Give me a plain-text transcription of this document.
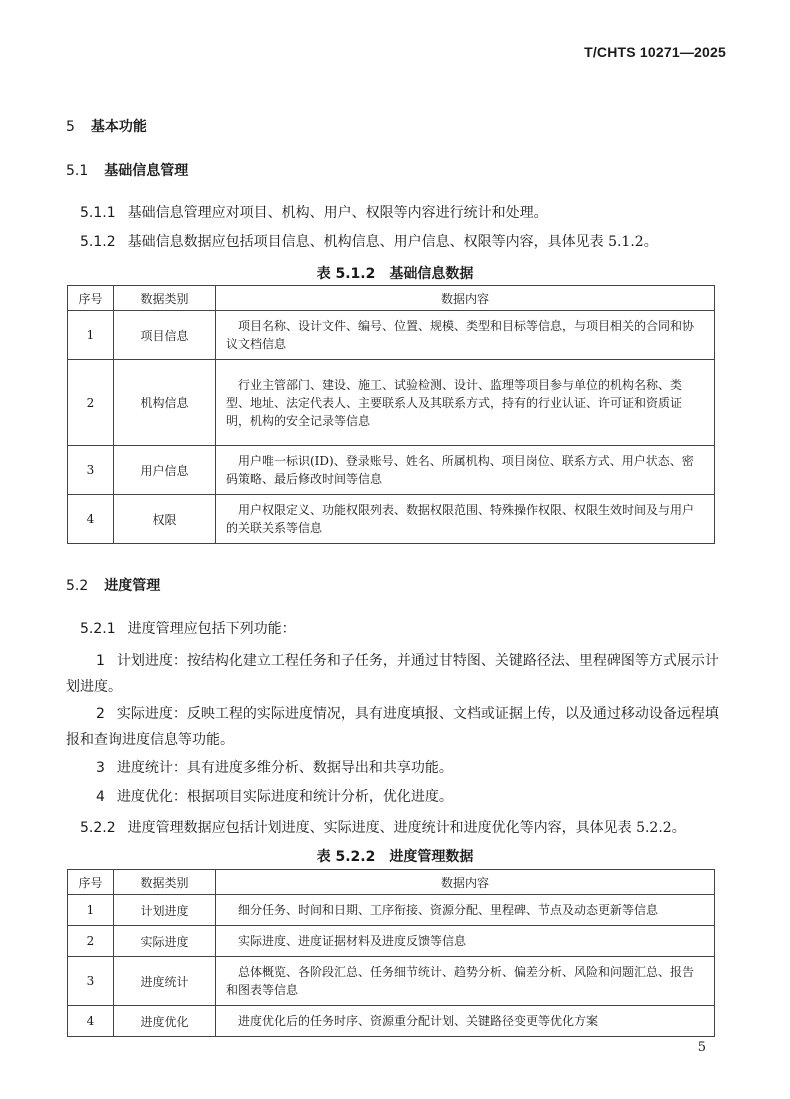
T/CHTS 10271—2025
5 基本功能
5.1 基础信息管理
5.1.1 基础信息管理应对项目、机构、用户、权限等内容进行统计和处理。
5.1.2 基础信息数据应包括项目信息、机构信息、用户信息、权限等内容，具体见表 5.1.2。
表 5.1.2　基础信息数据
序号	数据类别	数据内容
1	项目信息	项目名称、设计文件、编号、位置、规模、类型和目标等信息，与项目相关的合同和协议文档信息
2	机构信息	行业主管部门、建设、施工、试验检测、设计、监理等项目参与单位的机构名称、类型、地址、法定代表人、主要联系人及其联系方式，持有的行业认证、许可证和资质证明，机构的安全记录等信息
3	用户信息	用户唯一标识(ID)、登录账号、姓名、所属机构、项目岗位、联系方式、用户状态、密码策略、最后修改时间等信息
4	权限	用户权限定义、功能权限列表、数据权限范围、特殊操作权限、权限生效时间及与用户的关联关系等信息
5.2 进度管理
5.2.1 进度管理应包括下列功能：
1 计划进度：按结构化建立工程任务和子任务，并通过甘特图、关键路径法、里程碑图等方式展示计划进度。
2 实际进度：反映工程的实际进度情况，具有进度填报、文档或证据上传，以及通过移动设备远程填报和查询进度信息等功能。
3 进度统计：具有进度多维分析、数据导出和共享功能。
4 进度优化：根据项目实际进度和统计分析，优化进度。
5.2.2 进度管理数据应包括计划进度、实际进度、进度统计和进度优化等内容，具体见表 5.2.2。
表 5.2.2　进度管理数据
序号	数据类别	数据内容
1	计划进度	细分任务、时间和日期、工序衔接、资源分配、里程碑、节点及动态更新等信息
2	实际进度	实际进度、进度证据材料及进度反馈等信息
3	进度统计	总体概览、各阶段汇总、任务细节统计、趋势分析、偏差分析、风险和问题汇总、报告和图表等信息
4	进度优化	进度优化后的任务时序、资源重分配计划、关键路径变更等优化方案
5
